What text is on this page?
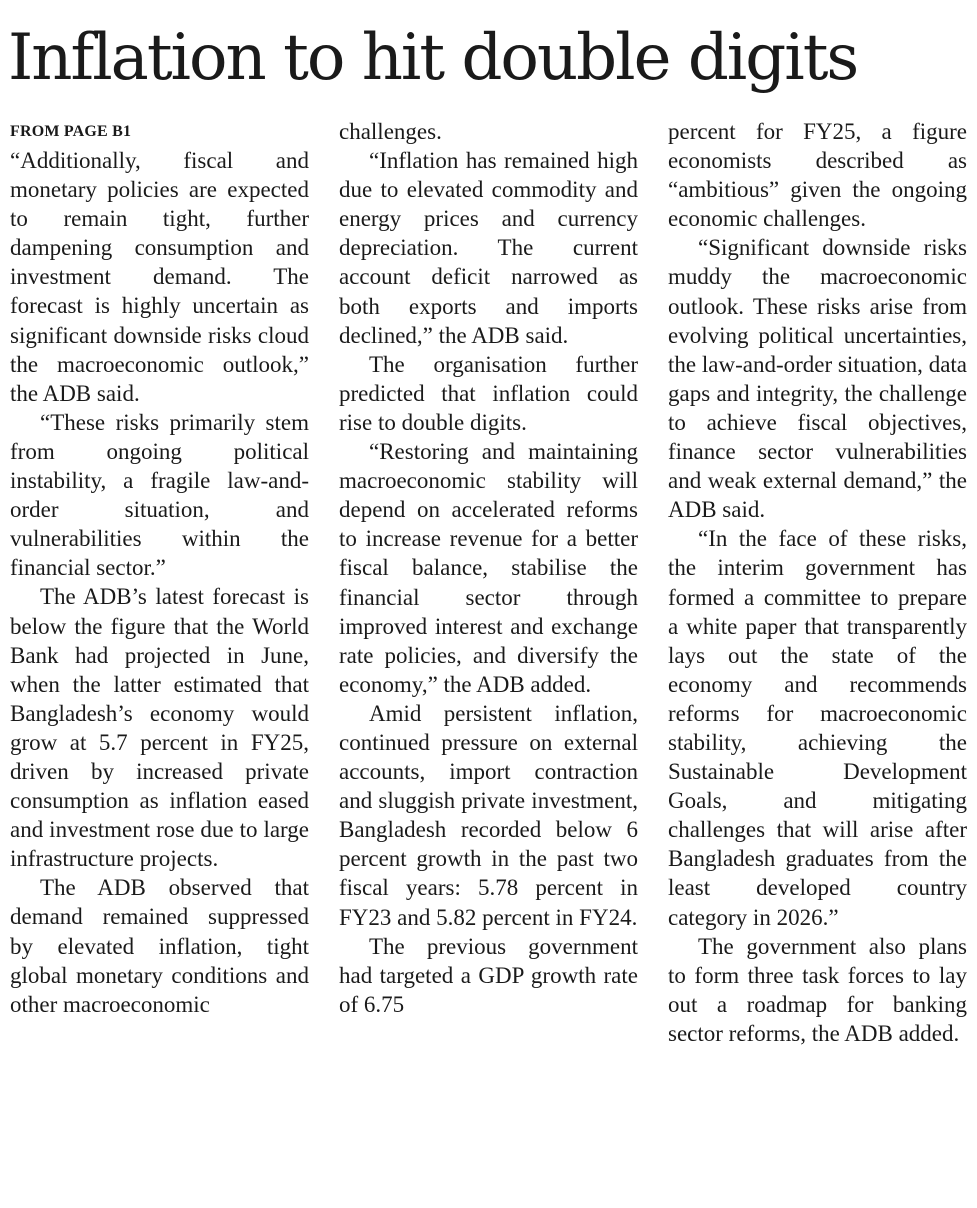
Inflation to hit double digits
FROM PAGE B1

“Additionally, fiscal and monetary policies are expected to remain tight, further dampening consumption and investment demand. The forecast is highly uncertain as significant downside risks cloud the macroeconomic outlook,” the ADB said.

“These risks primarily stem from ongoing political instability, a fragile law-and-order situation, and vulnerabilities within the financial sector.”

The ADB’s latest forecast is below the figure that the World Bank had projected in June, when the latter estimated that Bangladesh’s economy would grow at 5.7 percent in FY25, driven by increased private consumption as inflation eased and investment rose due to large infrastructure projects.

The ADB observed that demand remained suppressed by elevated inflation, tight global monetary conditions and other macroeconomic

challenges.

“Inflation has remained high due to elevated commodity and energy prices and currency depreciation. The current account deficit narrowed as both exports and imports declined,” the ADB said.

The organisation further predicted that inflation could rise to double digits.

“Restoring and maintaining macroeconomic stability will depend on accelerated reforms to increase revenue for a better fiscal balance, stabilise the financial sector through improved interest and exchange rate policies, and diversify the economy,” the ADB added.

Amid persistent inflation, continued pressure on external accounts, import contraction and sluggish private investment, Bangladesh recorded below 6 percent growth in the past two fiscal years: 5.78 percent in FY23 and 5.82 percent in FY24.

The previous government had targeted a GDP growth rate of 6.75

percent for FY25, a figure economists described as “ambitious” given the ongoing economic challenges.

“Significant downside risks muddy the macroeconomic outlook. These risks arise from evolving political uncertainties, the law-and-order situation, data gaps and integrity, the challenge to achieve fiscal objectives, finance sector vulnerabilities and weak external demand,” the ADB said.

“In the face of these risks, the interim government has formed a committee to prepare a white paper that transparently lays out the state of the economy and recommends reforms for macroeconomic stability, achieving the Sustainable Development Goals, and mitigating challenges that will arise after Bangladesh graduates from the least developed country category in 2026.”

The government also plans to form three task forces to lay out a roadmap for banking sector reforms, the ADB added.
